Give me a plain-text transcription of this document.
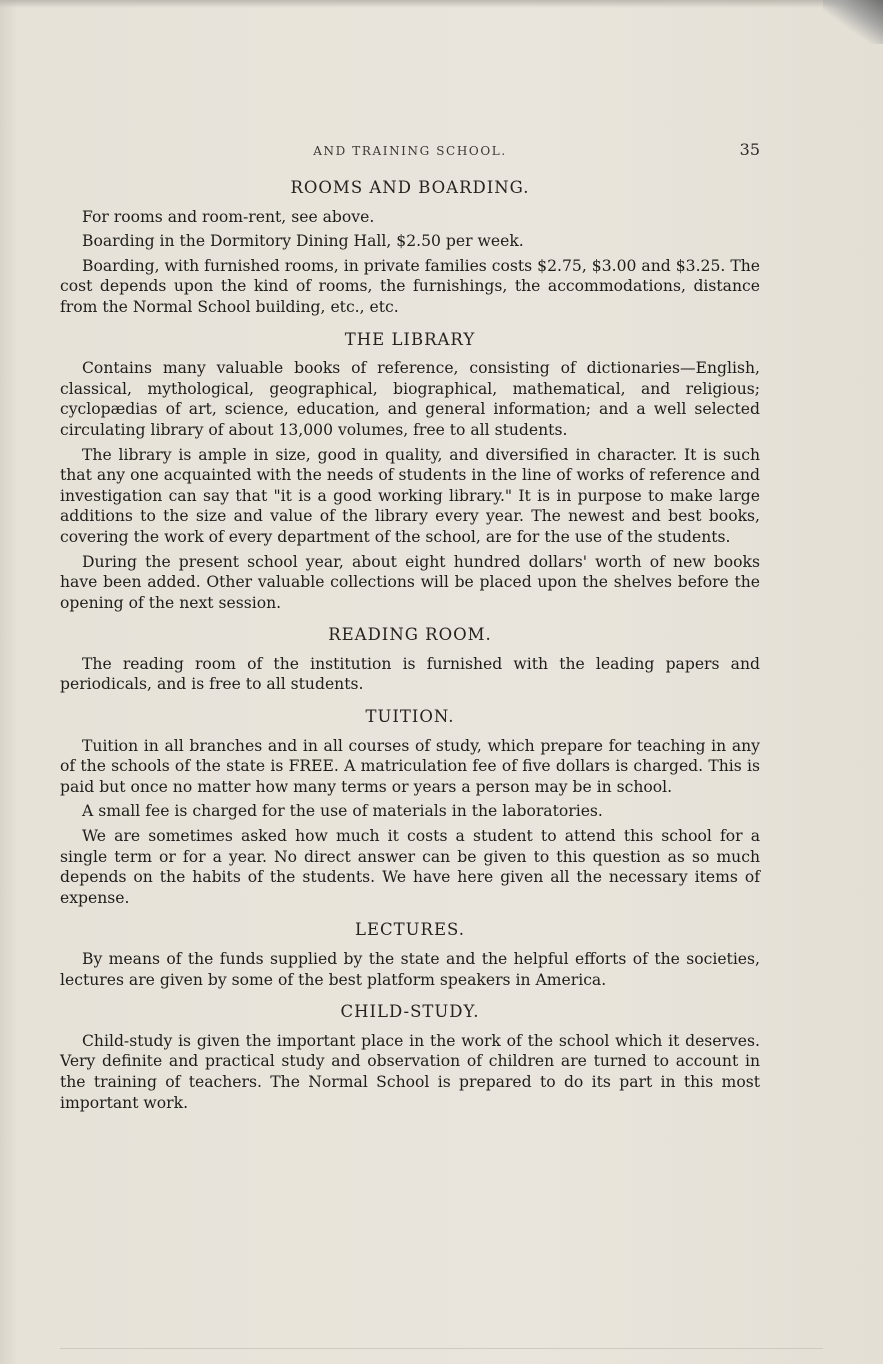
AND TRAINING SCHOOL.	35
ROOMS AND BOARDING.

For rooms and room-rent, see above.

Boarding in the Dormitory Dining Hall, $2.50 per week.

Boarding, with furnished rooms, in private families costs $2.75, $3.00 and $3.25. The cost depends upon the kind of rooms, the furnishings, the accommodations, distance from the Normal School building, etc., etc.

THE LIBRARY

Contains many valuable books of reference, consisting of dictionaries—English, classical, mythological, geographical, biographical, mathematical, and religious; cyclopædias of art, science, education, and general information; and a well selected circulating library of about 13,000 volumes, free to all students.

The library is ample in size, good in quality, and diversified in character. It is such that any one acquainted with the needs of students in the line of works of reference and investigation can say that "it is a good working library." It is in purpose to make large additions to the size and value of the library every year. The newest and best books, covering the work of every department of the school, are for the use of the students.

During the present school year, about eight hundred dollars' worth of new books have been added. Other valuable collections will be placed upon the shelves before the opening of the next session.

READING ROOM.

The reading room of the institution is furnished with the leading papers and periodicals, and is free to all students.

TUITION.

Tuition in all branches and in all courses of study, which prepare for teaching in any of the schools of the state is FREE. A matriculation fee of five dollars is charged. This is paid but once no matter how many terms or years a person may be in school.

A small fee is charged for the use of materials in the laboratories.

We are sometimes asked how much it costs a student to attend this school for a single term or for a year. No direct answer can be given to this question as so much depends on the habits of the students. We have here given all the necessary items of expense.

LECTURES.

By means of the funds supplied by the state and the helpful efforts of the societies, lectures are given by some of the best platform speakers in America.

CHILD-STUDY.

Child-study is given the important place in the work of the school which it deserves. Very definite and practical study and observation of children are turned to account in the training of teachers. The Normal School is prepared to do its part in this most important work.
